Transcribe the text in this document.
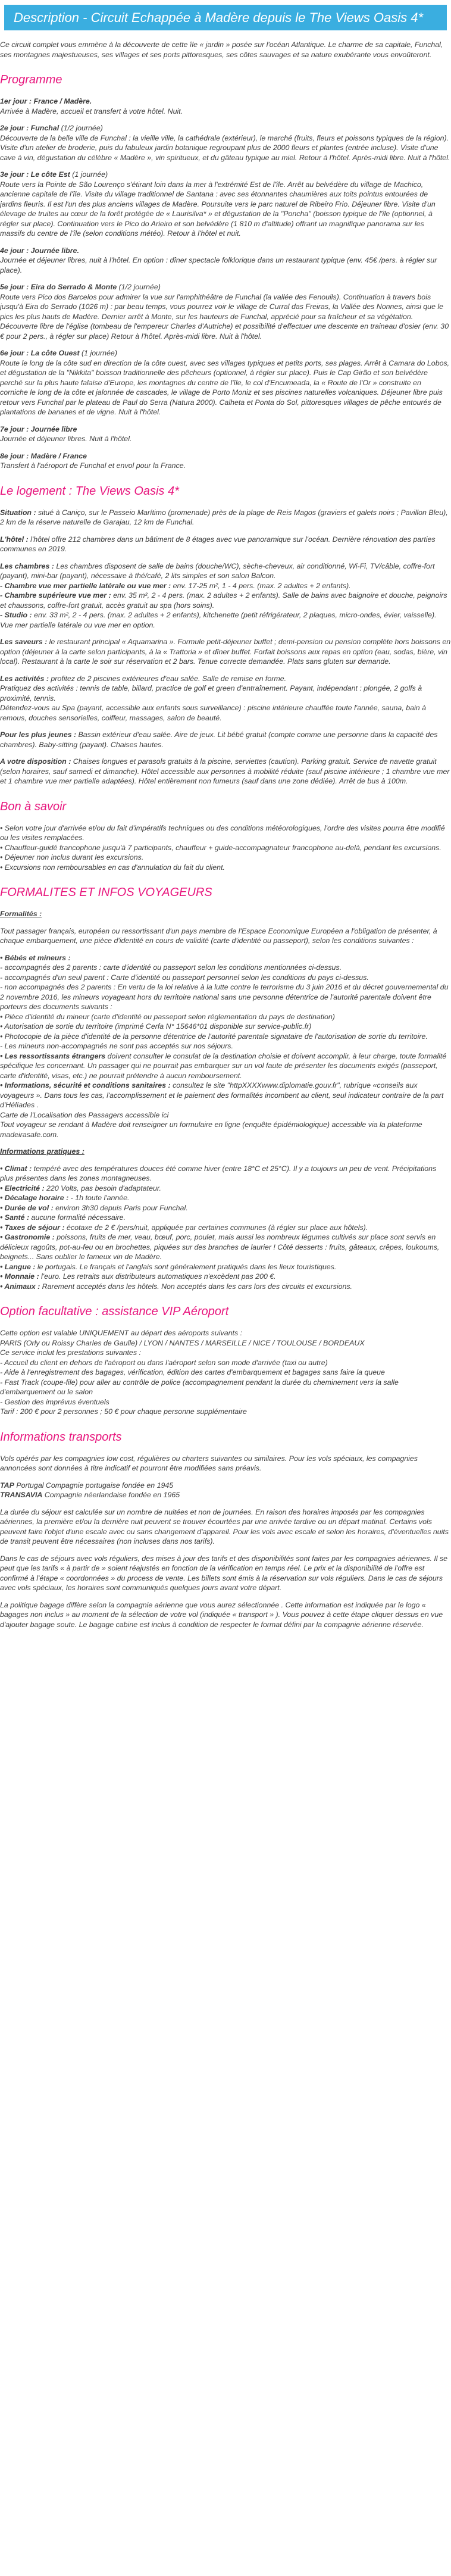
Description - Circuit Echappée à Madère depuis le The Views Oasis 4*

Ce circuit complet vous emmène à la découverte de cette île « jardin » posée sur l'océan Atlantique. Le charme de sa capitale, Funchal, ses montagnes majestueuses, ses villages et ses ports pittoresques, ses côtes sauvages et sa nature exubérante vous envoûteront.

Programme
1er jour : France / Madère.
Arrivée à Madère, accueil et transfert à votre hôtel. Nuit.
2e jour : Funchal (1/2 journée)
Découverte de la belle ville de Funchal : la vieille ville, la cathédrale (extérieur), le marché (fruits, fleurs et poissons typiques de la région). Visite d'un atelier de broderie, puis du fabuleux jardin botanique regroupant plus de 2000 fleurs et plantes (entrée incluse). Visite d'une cave à vin, dégustation du célèbre « Madère », vin spiritueux, et du gâteau typique au miel. Retour à l'hôtel. Après-midi libre. Nuit à l'hôtel.
3e jour : Le côte Est (1 journée)
Route vers la Pointe de São Lourenço s'étirant loin dans la mer à l'extrémité Est de l'île. Arrêt au belvédère du village de Machico, ancienne capitale de l'île. Visite du village traditionnel de Santana : avec ses étonnantes chaumières aux toits pointus entourées de jardins fleuris. Il est l'un des plus anciens villages de Madère. Poursuite vers le parc naturel de Ribeiro Frio. Déjeuner libre. Visite d'un élevage de truites au cœur de la forêt protégée de « Laurisilva* » et dégustation de la "Poncha" (boisson typique de l'île (optionnel, à régler sur place). Continuation vers le Pico do Arieiro et son belvédère (1 810 m d'altitude) offrant un magnifique panorama sur les massifs du centre de l'île (selon conditions météo). Retour à l'hôtel et nuit.
4e jour : Journée libre.
Journée et déjeuner libres, nuit à l'hôtel. En option : dîner spectacle folklorique dans un restaurant typique (env. 45€ /pers. à régler sur place).
5e jour : Eira do Serrado & Monte (1/2 journée)
Route vers Pico dos Barcelos pour admirer la vue sur l'amphithéâtre de Funchal (la vallée des Fenouils). Continuation à travers bois jusqu'à Eira do Serrado (1026 m) : par beau temps, vous pourrez voir le village de Curral das Freiras, la Vallée des Nonnes, ainsi que le pics les plus hauts de Madère. Dernier arrêt à Monte, sur les hauteurs de Funchal, apprécié pour sa fraîcheur et sa végétation. Découverte libre de l'église (tombeau de l'empereur Charles d'Autriche) et possibilité d'effectuer une descente en traineau d'osier (env. 30 € pour 2 pers., à régler sur place) Retour à l'hôtel. Après-midi libre. Nuit à l'hôtel.
6e jour : La côte Ouest (1 journée)
Route le long de la côte sud en direction de la côte ouest, avec ses villages typiques et petits ports, ses plages. Arrêt à Camara do Lobos, et dégustation de la "Nikkita" boisson traditionnelle des pêcheurs (optionnel, à régler sur place). Puis le Cap Girão et son belvédère perché sur la plus haute falaise d'Europe, les montagnes du centre de l'île, le col d'Encumeada, la « Route de l'Or » construite en corniche le long de la côte et jalonnée de cascades, le village de Porto Moniz et ses piscines naturelles volcaniques. Déjeuner libre puis retour vers Funchal par le plateau de Paul do Serra (Natura 2000). Calheta et Ponta do Sol, pittoresques villages de pêche entourés de plantations de bananes et de vigne. Nuit à l'hôtel.
7e jour : Journée libre
Journée et déjeuner libres. Nuit à l'hôtel.
8e jour : Madère / France
Transfert à l'aéroport de Funchal et envol pour la France.
Le logement : The Views Oasis 4*

Situation : situé à Caniço, sur le Passeio Marítimo (promenade) près de la plage de Reis Magos (graviers et galets noirs ; Pavillon Bleu), 2 km de la réserve naturelle de Garajau, 12 km de Funchal.

L'hôtel : l'hôtel offre 212 chambres dans un bâtiment de 8 étages avec vue panoramique sur l'océan. Dernière rénovation des parties communes en 2019.

Les chambres : Les chambres disposent de salle de bains (douche/WC), sèche-cheveux, air conditionné, Wi-Fi, TV/câble, coffre-fort (payant), mini-bar (payant), nécessaire à thé/café, 2 lits simples et son salon Balcon.
- Chambre vue mer partielle latérale ou vue mer : env. 17-25 m², 1 - 4 pers. (max. 2 adultes + 2 enfants).
- Chambre supérieure vue mer : env. 35 m², 2 - 4 pers. (max. 2 adultes + 2 enfants). Salle de bains avec baignoire et douche, peignoirs et chaussons, coffre-fort gratuit, accès gratuit au spa (hors soins).
- Studio : env. 33 m², 2 - 4 pers. (max. 2 adultes + 2 enfants), kitchenette (petit réfrigérateur, 2 plaques, micro-ondes, évier, vaisselle). Vue mer partielle latérale ou vue mer en option.

Les saveurs : le restaurant principal « Aquamarina ». Formule petit-déjeuner buffet ; demi-pension ou pension complète hors boissons en option (déjeuner à la carte selon participants, à la « Trattoria » et dîner buffet. Forfait boissons aux repas en option (eau, sodas, bière, vin local). Restaurant à la carte le soir sur réservation et 2 bars. Tenue correcte demandée. Plats sans gluten sur demande.

Les activités : profitez de 2 piscines extérieures d'eau salée. Salle de remise en forme.
Pratiquez des activités : tennis de table, billard, practice de golf et green d'entraînement. Payant, indépendant : plongée, 2 golfs à proximité, tennis.
Détendez-vous au Spa (payant, accessible aux enfants sous surveillance) : piscine intérieure chauffée toute l'année, sauna, bain à remous, douches sensorielles, coiffeur, massages, salon de beauté.

Pour les plus jeunes : Bassin extérieur d'eau salée. Aire de jeux. Lit bébé gratuit (compte comme une personne dans la capacité des chambres). Baby-sitting (payant). Chaises hautes.

A votre disposition : Chaises longues et parasols gratuits à la piscine, serviettes (caution). Parking gratuit. Service de navette gratuit (selon horaires, sauf samedi et dimanche). Hôtel accessible aux personnes à mobilité réduite (sauf piscine intérieure ; 1 chambre vue mer et 1 chambre vue mer partielle adaptées). Hôtel entièrement non fumeurs (sauf dans une zone dédiée). Arrêt de bus à 100m.

Bon à savoir
• Selon votre jour d'arrivée et/ou du fait d'impératifs techniques ou des conditions météorologiques, l'ordre des visites pourra être modifié ou les visites remplacées.
• Chauffeur-guidé francophone jusqu'à 7 participants, chauffeur + guide-accompagnateur francophone au-delà, pendant les excursions.
• Déjeuner non inclus durant les excursions.
• Excursions non remboursables en cas d'annulation du fait du client.
FORMALITES ET INFOS VOYAGEURS

Formalités :

Tout passager français, européen ou ressortissant d'un pays membre de l'Espace Economique Européen a l'obligation de présenter, à chaque embarquement, une pièce d'identité en cours de validité (carte d'identité ou passeport), selon les conditions suivantes :

• Bébés et mineurs :
- accompagnés des 2 parents : carte d'identité ou passeport selon les conditions mentionnées ci-dessus.
- accompagnés d'un seul parent : Carte d'identité ou passeport personnel selon les conditions du pays ci-dessus.
- non accompagnés des 2 parents : En vertu de la loi relative à la lutte contre le terrorisme du 3 juin 2016 et du décret gouvernemental du 2 novembre 2016, les mineurs voyageant hors du territoire national sans une personne détentrice de l'autorité parentale doivent être porteurs des documents suivants :
• Pièce d'identité du mineur (carte d'identité ou passeport selon réglementation du pays de destination)
• Autorisation de sortie du territoire (imprimé Cerfa N° 15646*01 disponible sur service-public.fr)
• Photocopie de la pièce d'identité de la personne détentrice de l'autorité parentale signataire de l'autorisation de sortie du territoire.
- Les mineurs non-accompagnés ne sont pas acceptés sur nos séjours.
• Les ressortissants étrangers doivent consulter le consulat de la destination choisie et doivent accomplir, à leur charge, toute formalité spécifique les concernant. Un passager qui ne pourrait pas embarquer sur un vol faute de présenter les documents exigés (passeport, carte d'identité, visas, etc.) ne pourrait prétendre à aucun remboursement.
• Informations, sécurité et conditions sanitaires : consultez le site "httpXXXXwww.diplomatie.gouv.fr", rubrique «conseils aux voyageurs ». Dans tous les cas, l'accomplissement et le paiement des formalités incombent au client, seul indicateur contraire de la part d'Hélíades .
Carte de l'Localisation des Passagers accessible ici
Tout voyageur se rendant à Madère doit renseigner un formulaire en ligne (enquête épidémiologique) accessible via la plateforme madeirasafe.com.

Informations pratiques :

• Climat : tempéré avec des températures douces été comme hiver (entre 18°C et 25°C). Il y a toujours un peu de vent. Précipitations plus présentes dans les zones montagneuses.
• Electricité : 220 Volts, pas besoin d'adaptateur.
• Décalage horaire : - 1h toute l'année.
• Durée de vol : environ 3h30 depuis Paris pour Funchal.
• Santé : aucune formalité nécessaire.
• Taxes de séjour : écotaxe de 2 € /pers/nuit, appliquée par certaines communes (à régler sur place aux hôtels).
• Gastronomie : poissons, fruits de mer, veau, bœuf, porc, poulet, mais aussi les nombreux légumes cultivés sur place sont servis en délicieux ragoûts, pot-au-feu ou en brochettes, piquées sur des branches de laurier ! Côté desserts : fruits, gâteaux, crêpes, loukoums, beignets... Sans oublier le fameux vin de Madère.
• Langue : le portugais. Le français et l'anglais sont généralement pratiqués dans les lieux touristiques.
• Monnaie : l'euro. Les retraits aux distributeurs automatiques n'excèdent pas 200 €.
• Animaux : Rarement acceptés dans les hôtels. Non acceptés dans les cars lors des circuits et excursions.
Option facultative : assistance VIP Aéroport
Cette option est valable UNIQUEMENT au départ des aéroports suivants :
PARIS (Orly ou Roissy Charles de Gaulle) / LYON / NANTES / MARSEILLE / NICE / TOULOUSE / BORDEAUX
Ce service inclut les prestations suivantes :
- Accueil du client en dehors de l'aéroport ou dans l'aéroport selon son mode d'arrivée (taxi ou autre)
- Aide à l'enregistrement des bagages, vérification, édition des cartes d'embarquement et bagages sans faire la queue
- Fast Track (coupe-file) pour aller au contrôle de police (accompagnement pendant la durée du cheminement vers la salle d'embarquement ou le salon
- Gestion des imprévus éventuels
Tarif : 200 € pour 2 personnes ; 50 € pour chaque personne supplémentaire
Informations transports

Vols opérés par les compagnies low cost, régulières ou charters suivantes ou similaires. Pour les vols spéciaux, les compagnies annoncées sont données à titre indicatif et pourront être modifiées sans préavis.

TAP Portugal Compagnie portugaise fondée en 1945
TRANSAVIA Compagnie néerlandaise fondée en 1965

La durée du séjour est calculée sur un nombre de nuitées et non de journées. En raison des horaires imposés par les compagnies aériennes, la première et/ou la dernière nuit peuvent se trouver écourtées par une arrivée tardive ou un départ matinal. Certains vols peuvent faire l'objet d'une escale avec ou sans changement d'appareil. Pour les vols avec escale et selon les horaires, d'éventuelles nuits de transit peuvent être nécessaires (non incluses dans nos tarifs).

Dans le cas de séjours avec vols réguliers, des mises à jour des tarifs et des disponibilités sont faites par les compagnies aériennes. Il se peut que les tarifs « à partir de » soient réajustés en fonction de la vérification en temps réel. Le prix et la disponibilité de l'offre est confirmé à l'étape « coordonnées » du process de vente. Les billets sont émis à la réservation sur vols réguliers. Dans le cas de séjours avec vols spéciaux, les horaires sont communiqués quelques jours avant votre départ.

La politique bagage diffère selon la compagnie aérienne que vous aurez sélectionnée . Cette information est indiquée par le logo « bagages non inclus » au moment de la sélection de votre vol (indiquée « transport » ). Vous pouvez à cette étape cliquer dessus en vue d'ajouter bagage soute. Le bagage cabine est inclus à condition de respecter le format défini par la compagnie aérienne réservée.
